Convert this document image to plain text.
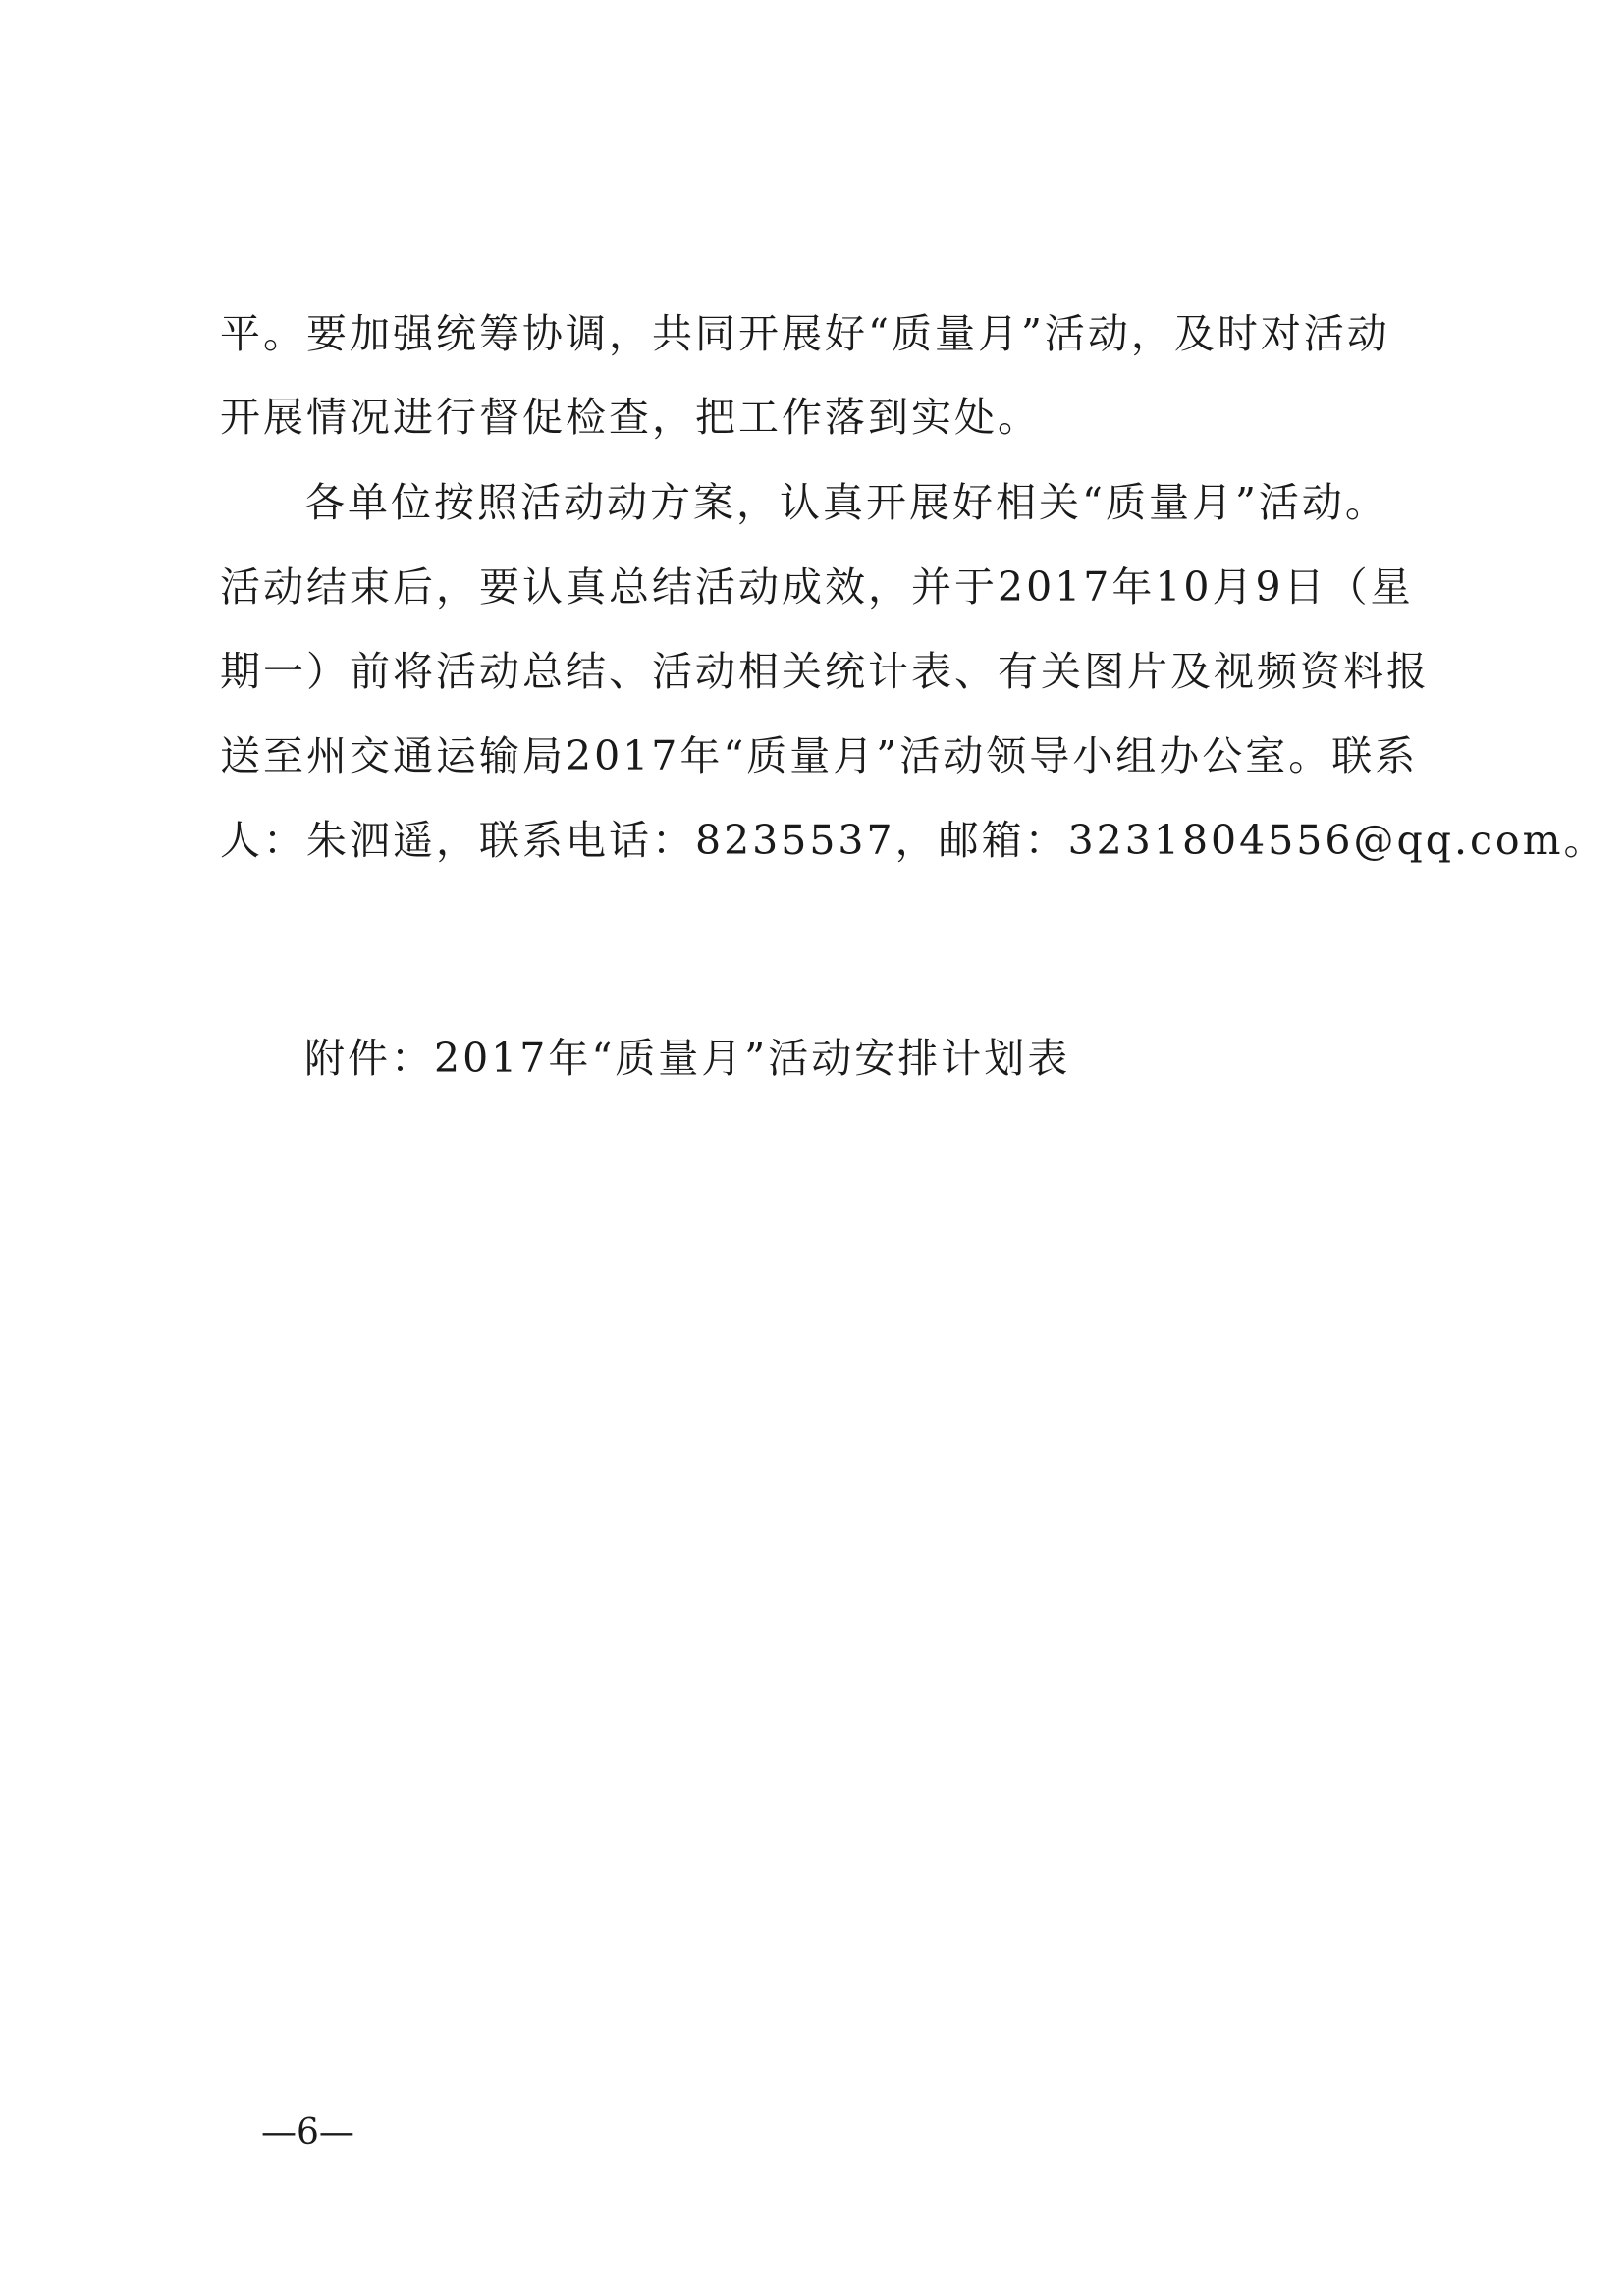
平。要加强统筹协调，共同开展好“质量月”活动，及时对活动
开展情况进行督促检查，把工作落到实处。
各单位按照活动动方案，认真开展好相关“质量月”活动。
活动结束后，要认真总结活动成效，并于2017年10月9日（星
期一）前将活动总结、活动相关统计表、有关图片及视频资料报
送至州交通运输局2017年“质量月”活动领导小组办公室。联系
人：朱泗遥，联系电话：8235537，邮箱：3231804556@qq.com。
附件：2017年“质量月”活动安排计划表
—6—
